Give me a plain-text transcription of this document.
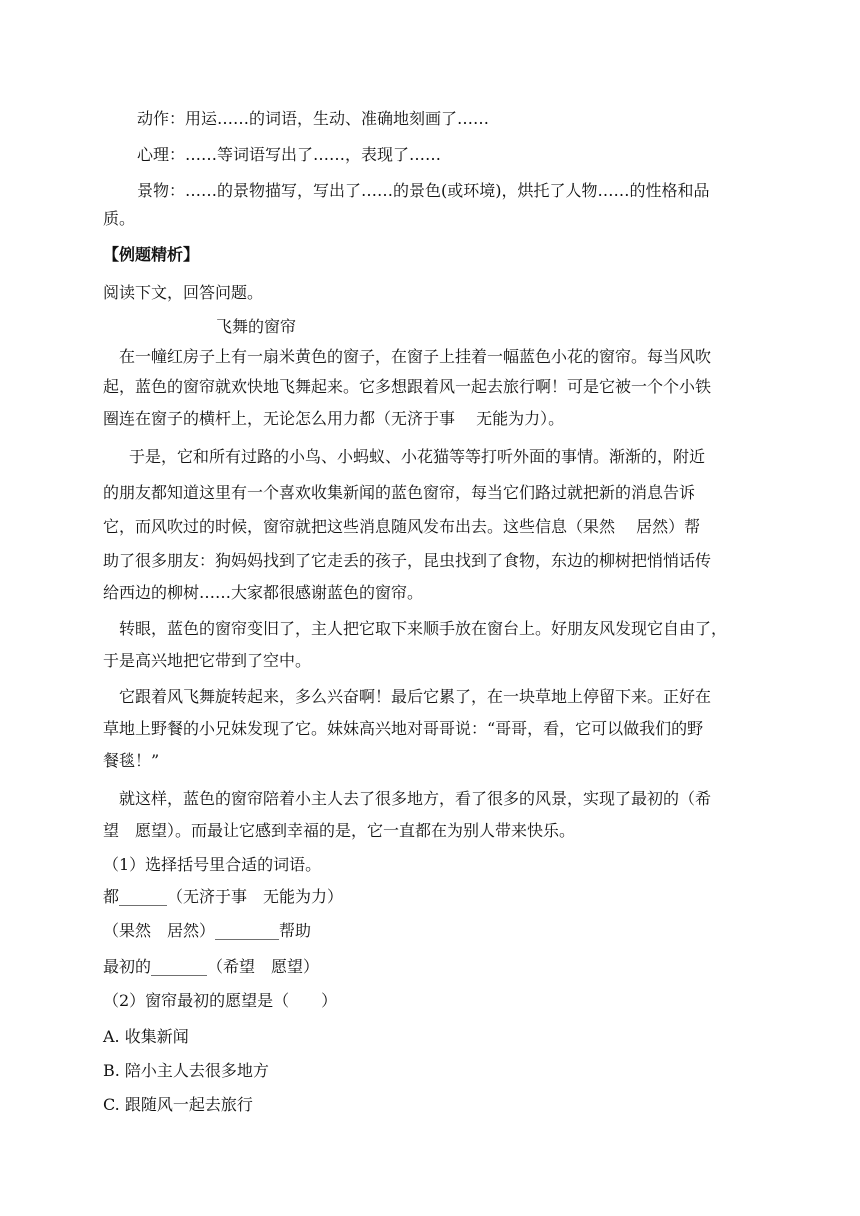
动作：用运……的词语，生动、准确地刻画了……
心理：……等词语写出了……，表现了……
景物：……的景物描写，写出了……的景色(或环境)，烘托了人物……的性格和品
质。
【例题精析】
阅读下文，回答问题。
飞舞的窗帘
在一幢红房子上有一扇米黄色的窗子，在窗子上挂着一幅蓝色小花的窗帘。每当风吹
起，蓝色的窗帘就欢快地飞舞起来。它多想跟着风一起去旅行啊！可是它被一个个小铁
圈连在窗子的横杆上，无论怎么用力都（无济于事　 无能为力）。
于是，它和所有过路的小鸟、小蚂蚁、小花猫等等打听外面的事情。渐渐的，附近
的朋友都知道这里有一个喜欢收集新闻的蓝色窗帘，每当它们路过就把新的消息告诉
它，而风吹过的时候，窗帘就把这些消息随风发布出去。这些信息（果然　 居然）帮
助了很多朋友：狗妈妈找到了它走丢的孩子，昆虫找到了食物，东边的柳树把悄悄话传
给西边的柳树……大家都很感谢蓝色的窗帘。
转眼，蓝色的窗帘变旧了，主人把它取下来顺手放在窗台上。好朋友风发现它自由了，
于是高兴地把它带到了空中。
它跟着风飞舞旋转起来，多么兴奋啊！最后它累了，在一块草地上停留下来。正好在
草地上野餐的小兄妹发现了它。妹妹高兴地对哥哥说：“哥哥，看，它可以做我们的野
餐毯！”
就这样，蓝色的窗帘陪着小主人去了很多地方，看了很多的风景，实现了最初的（希
望　愿望）。而最让它感到幸福的是，它一直都在为别人带来快乐。
（1）选择括号里合适的词语。
都______（无济于事　无能为力）
（果然　居然）________帮助
最初的_______（希望　愿望）
（2）窗帘最初的愿望是（　　）
A. 收集新闻
B. 陪小主人去很多地方
C. 跟随风一起去旅行
